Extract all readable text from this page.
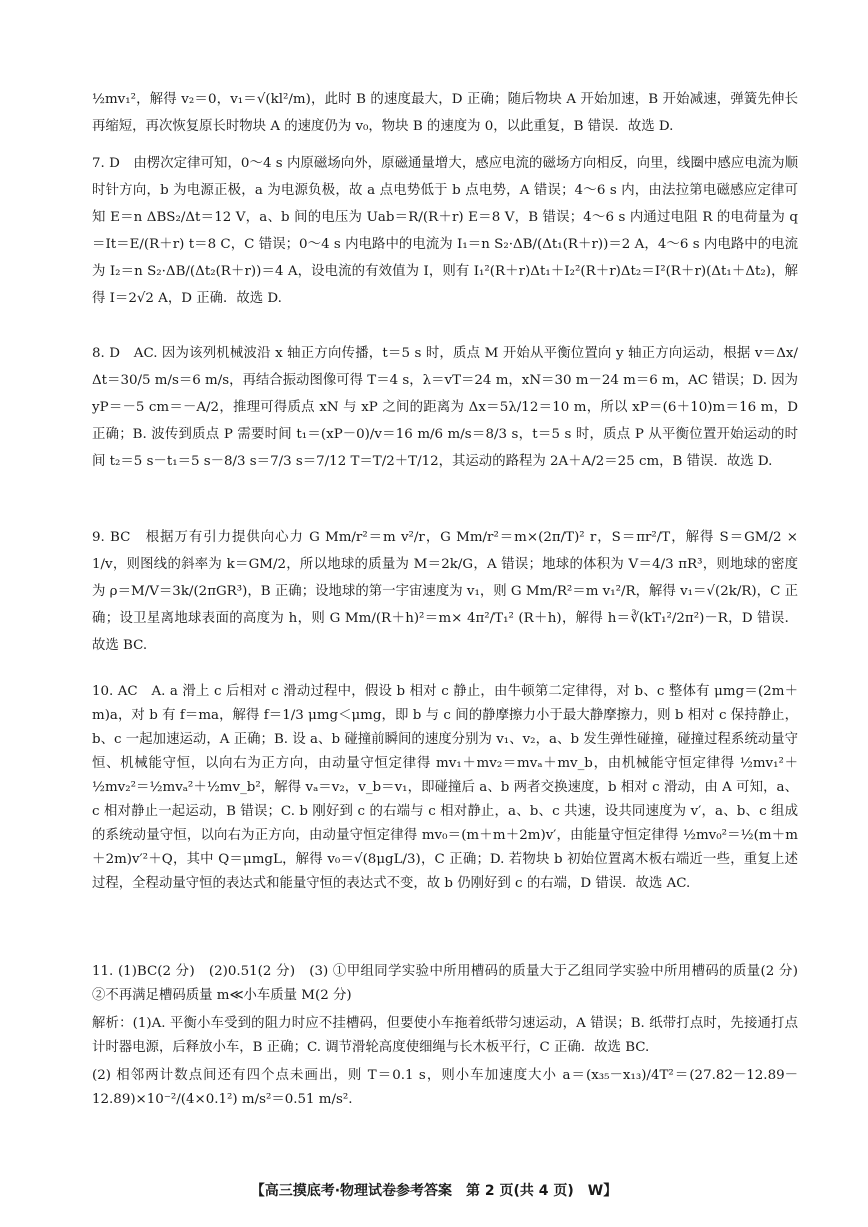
½mv₁²，解得 v₂＝0，v₁＝√(kl²/m)，此时 B 的速度最大，D 正确；随后物块 A 开始加速，B 开始减速，弹簧先伸长再缩短，再次恢复原长时物块 A 的速度仍为 v₀，物块 B 的速度为 0，以此重复，B 错误．故选 D.

7. D　由楞次定律可知，0～4 s 内原磁场向外，原磁通量增大，感应电流的磁场方向相反，向里，线圈中感应电流为顺时针方向，b 为电源正极，a 为电源负极，故 a 点电势低于 b 点电势，A 错误；4～6 s 内，由法拉第电磁感应定律可知 E＝n ΔBS₂/Δt＝12 V，a、b 间的电压为 Uab＝R/(R＋r) E＝8 V，B 错误；4～6 s 内通过电阻 R 的电荷量为 q＝It＝E/(R＋r) t＝8 C，C 错误；0～4 s 内电路中的电流为 I₁＝n S₂·ΔB/(Δt₁(R＋r))＝2 A，4～6 s 内电路中的电流为 I₂＝n S₂·ΔB/(Δt₂(R＋r))＝4 A，设电流的有效值为 I，则有 I₁²(R＋r)Δt₁＋I₂²(R＋r)Δt₂＝I²(R＋r)(Δt₁＋Δt₂)，解得 I＝2√2 A，D 正确．故选 D.

8. D　AC. 因为该列机械波沿 x 轴正方向传播，t＝5 s 时，质点 M 开始从平衡位置向 y 轴正方向运动，根据 v＝Δx/Δt＝30/5 m/s＝6 m/s，再结合振动图像可得 T＝4 s，λ＝vT＝24 m，xN＝30 m－24 m＝6 m，AC 错误；D. 因为 yP＝－5 cm＝－A/2，推理可得质点 xN 与 xP 之间的距离为 Δx＝5λ/12＝10 m，所以 xP＝(6＋10)m＝16 m，D 正确；B. 波传到质点 P 需要时间 t₁＝(xP－0)/v＝16 m/6 m/s＝8/3 s，t＝5 s 时，质点 P 从平衡位置开始运动的时间 t₂＝5 s－t₁＝5 s－8/3 s＝7/3 s＝7/12 T＝T/2＋T/12，其运动的路程为 2A＋A/2＝25 cm，B 错误．故选 D.

9. BC　根据万有引力提供向心力 G Mm/r²＝m v²/r，G Mm/r²＝m×(2π/T)² r，S＝πr²/T，解得 S＝GM/2 × 1/v，则图线的斜率为 k＝GM/2，所以地球的质量为 M＝2k/G，A 错误；地球的体积为 V＝4/3 πR³，则地球的密度为 ρ＝M/V＝3k/(2πGR³)，B 正确；设地球的第一宇宙速度为 v₁，则 G Mm/R²＝m v₁²/R，解得 v₁＝√(2k/R)，C 正确；设卫星离地球表面的高度为 h，则 G Mm/(R＋h)²＝m× 4π²/T₁² (R＋h)，解得 h＝∛(kT₁²/2π²)－R，D 错误．故选 BC.

10. AC　A. a 滑上 c 后相对 c 滑动过程中，假设 b 相对 c 静止，由牛顿第二定律得，对 b、c 整体有 μmg＝(2m＋m)a，对 b 有 f＝ma，解得 f＝1/3 μmg＜μmg，即 b 与 c 间的静摩擦力小于最大静摩擦力，则 b 相对 c 保持静止，b、c 一起加速运动，A 正确；B. 设 a、b 碰撞前瞬间的速度分别为 v₁、v₂，a、b 发生弹性碰撞，碰撞过程系统动量守恒、机械能守恒，以向右为正方向，由动量守恒定律得 mv₁＋mv₂＝mvₐ＋mv_b，由机械能守恒定律得 ½mv₁²＋½mv₂²＝½mvₐ²＋½mv_b²，解得 vₐ＝v₂，v_b＝v₁，即碰撞后 a、b 两者交换速度，b 相对 c 滑动，由 A 可知，a、c 相对静止一起运动，B 错误；C. b 刚好到 c 的右端与 c 相对静止，a、b、c 共速，设共同速度为 v′，a、b、c 组成的系统动量守恒，以向右为正方向，由动量守恒定律得 mv₀＝(m＋m＋2m)v′，由能量守恒定律得 ½mv₀²＝½(m＋m＋2m)v′²＋Q，其中 Q＝μmgL，解得 v₀＝√(8μgL/3)，C 正确；D. 若物块 b 初始位置离木板右端近一些，重复上述过程，全程动量守恒的表达式和能量守恒的表达式不变，故 b 仍刚好到 c 的右端，D 错误．故选 AC.

11. (1)BC(2 分)　(2)0.51(2 分)　(3) ①甲组同学实验中所用槽码的质量大于乙组同学实验中所用槽码的质量(2 分)　②不再满足槽码质量 m≪小车质量 M(2 分)

解析：(1)A. 平衡小车受到的阻力时应不挂槽码，但要使小车拖着纸带匀速运动，A 错误；B. 纸带打点时，先接通打点计时器电源，后释放小车，B 正确；C. 调节滑轮高度使细绳与长木板平行，C 正确．故选 BC.

(2) 相邻两计数点间还有四个点未画出，则 T＝0.1 s，则小车加速度大小 a＝(x₃₅－x₁₃)/4T²＝(27.82－12.89－12.89)×10⁻²/(4×0.1²) m/s²＝0.51 m/s².

【高三摸底考·物理试卷参考答案　第 2 页(共 4 页)　W】
